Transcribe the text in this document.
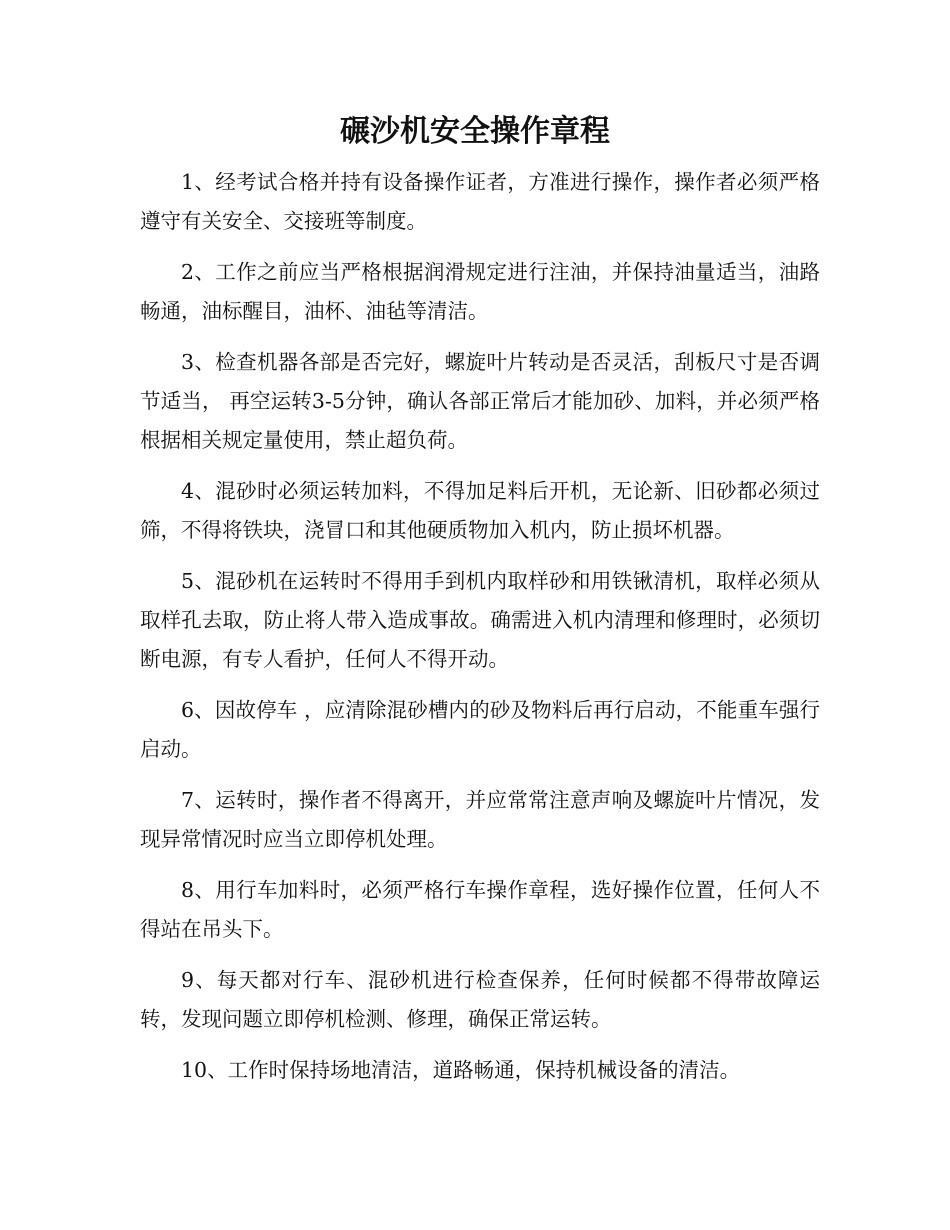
碾沙机安全操作章程

1、经考试合格并持有设备操作证者，方准进行操作，操作者必须严格遵守有关安全、交接班等制度。

2、工作之前应当严格根据润滑规定进行注油，并保持油量适当，油路畅通，油标醒目，油杯、油毡等清洁。

3、检查机器各部是否完好，螺旋叶片转动是否灵活，刮板尺寸是否调节适当， 再空运转3-5分钟，确认各部正常后才能加砂、加料，并必须严格根据相关规定量使用，禁止超负荷。

4、混砂时必须运转加料，不得加足料后开机，无论新、旧砂都必须过筛，不得将铁块，浇冒口和其他硬质物加入机内，防止损坏机器。

5、混砂机在运转时不得用手到机内取样砂和用铁锹清机，取样必须从取样孔去取，防止将人带入造成事故。确需进入机内清理和修理时，必须切断电源，有专人看护，任何人不得开动。

6、因故停车 ，应清除混砂槽内的砂及物料后再行启动，不能重车强行启动。

7、运转时，操作者不得离开，并应常常注意声响及螺旋叶片情况，发现异常情况时应当立即停机处理。

8、用行车加料时，必须严格行车操作章程，选好操作位置，任何人不得站在吊头下。

9、每天都对行车、混砂机进行检查保养，任何时候都不得带故障运转，发现问题立即停机检测、修理，确保正常运转。

10、工作时保持场地清洁，道路畅通，保持机械设备的清洁。
